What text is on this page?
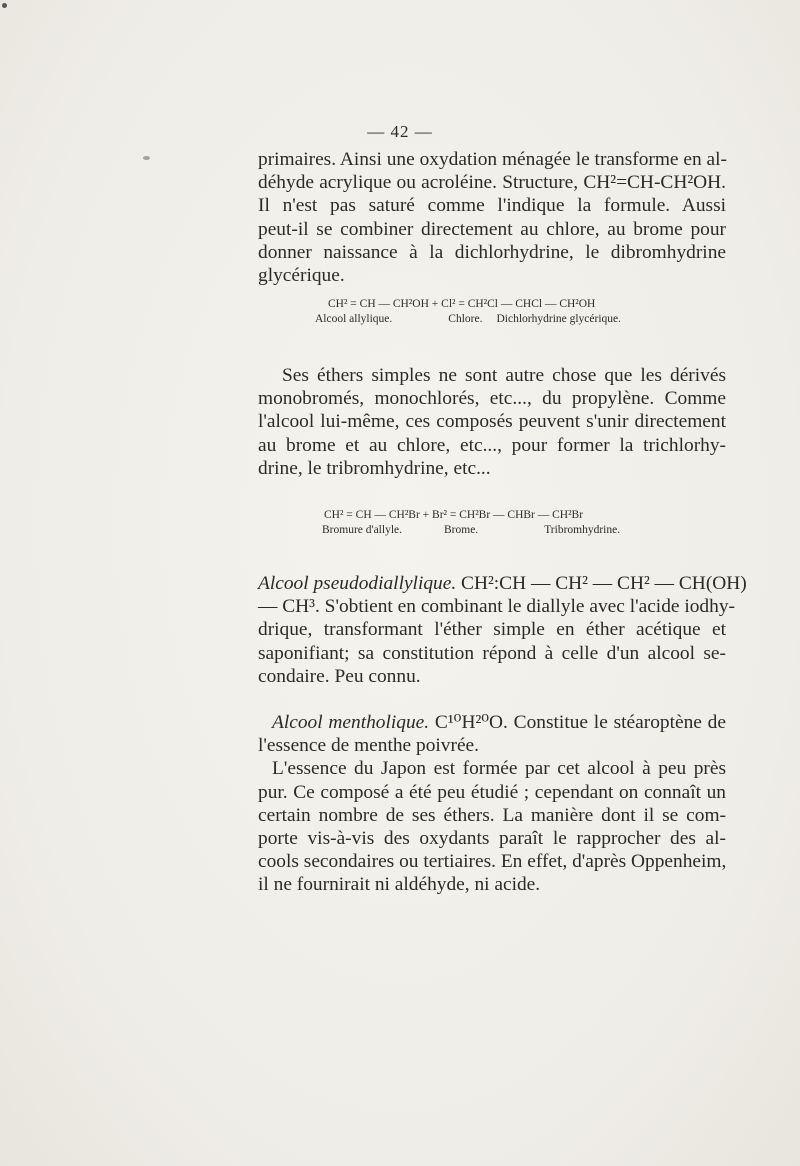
— 42 —

primaires. Ainsi une oxydation ménagée le transforme en al-
déhyde acrylique ou acroléine. Structure, CH²=CH-CH²OH.
Il n'est pas saturé comme l'indique la formule. Aussi
peut-il se combiner directement au chlore, au brome pour
donner naissance à la dichlorhydrine, le dibromhydrine
glycérique.

CH² = CH — CH²OH + Cl² = CH²Cl — CHCl — CH²OH
Alcool allylique.	Chlore. Dichlorhydrine glycérique.

Ses éthers simples ne sont autre chose que les dérivés
monobromés, monochlorés, etc..., du propylène. Comme
l'alcool lui-même, ces composés peuvent s'unir directement
au brome et au chlore, etc..., pour former la trichlorhy-
drine, le tribromhydrine, etc...

CH² = CH — CH²Br + Br² = CH²Br — CHBr — CH²Br
Bromure d'allyle.	Brome.	Tribromhydrine.

Alcool pseudodiallylique. CH²:CH — CH² — CH² — CH(OH)
— CH³. S'obtient en combinant le diallyle avec l'acide iodhy-
drique, transformant l'éther simple en éther acétique et
saponifiant; sa constitution répond à celle d'un alcool se-
condaire. Peu connu.

Alcool mentholique. C¹⁰H²⁰O. Constitue le stéaroptène de
l'essence de menthe poivrée.
L'essence du Japon est formée par cet alcool à peu près
pur. Ce composé a été peu étudié ; cependant on connaît un
certain nombre de ses éthers. La manière dont il se com-
porte vis-à-vis des oxydants paraît le rapprocher des al-
cools secondaires ou tertiaires. En effet, d'après Oppenheim,
il ne fournirait ni aldéhyde, ni acide.
